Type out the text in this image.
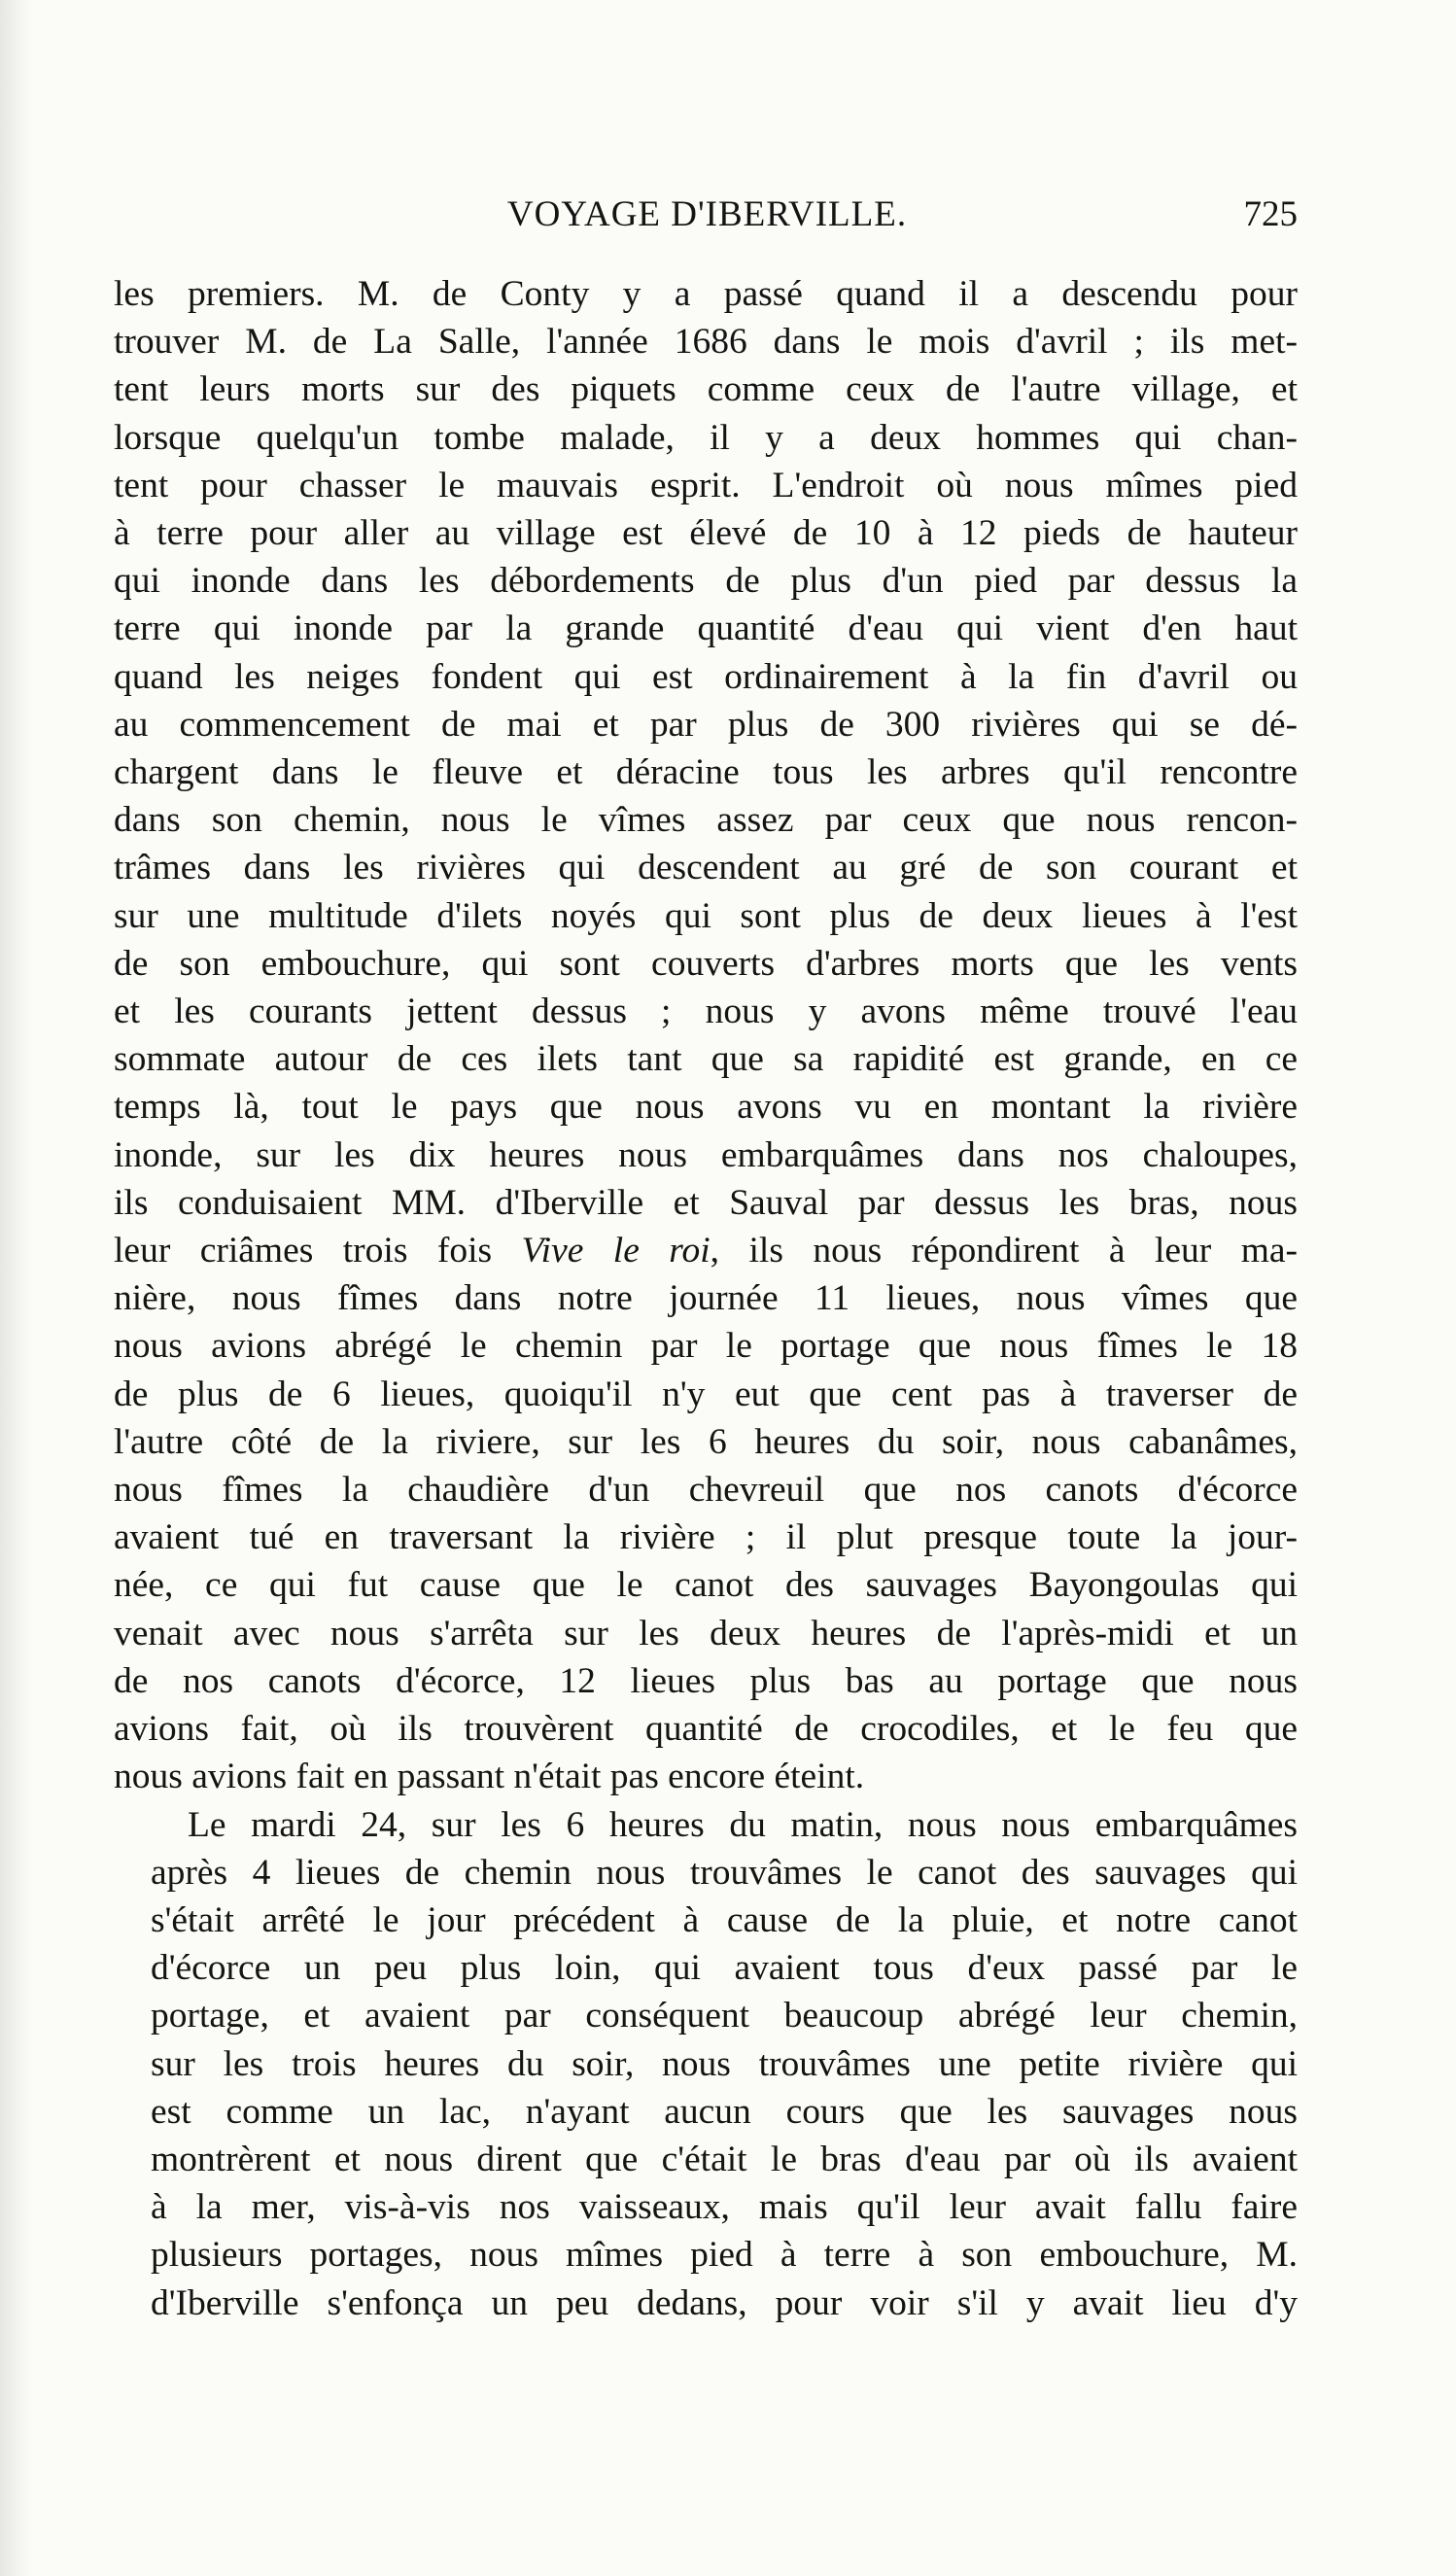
VOYAGE D'IBERVILLE.	725
les premiers. M. de Conty y a passé quand il a descendu pour
trouver M. de La Salle, l'année 1686 dans le mois d'avril ; ils met-
tent leurs morts sur des piquets comme ceux de l'autre village, et
lorsque quelqu'un tombe malade, il y a deux hommes qui chan-
tent pour chasser le mauvais esprit. L'endroit où nous mîmes pied
à terre pour aller au village est élevé de 10 à 12 pieds de hauteur
qui inonde dans les débordements de plus d'un pied par dessus la
terre qui inonde par la grande quantité d'eau qui vient d'en haut
quand les neiges fondent qui est ordinairement à la fin d'avril ou
au commencement de mai et par plus de 300 rivières qui se dé-
chargent dans le fleuve et déracine tous les arbres qu'il rencontre
dans son chemin, nous le vîmes assez par ceux que nous rencon-
trâmes dans les rivières qui descendent au gré de son courant et
sur une multitude d'ilets noyés qui sont plus de deux lieues à l'est
de son embouchure, qui sont couverts d'arbres morts que les vents
et les courants jettent dessus ; nous y avons même trouvé l'eau
sommate autour de ces ilets tant que sa rapidité est grande, en ce
temps là, tout le pays que nous avons vu en montant la rivière
inonde, sur les dix heures nous embarquâmes dans nos chaloupes,
ils conduisaient MM. d'Iberville et Sauval par dessus les bras, nous
leur criâmes trois fois Vive le roi, ils nous répondirent à leur ma-
nière, nous fîmes dans notre journée 11 lieues, nous vîmes que
nous avions abrégé le chemin par le portage que nous fîmes le 18
de plus de 6 lieues, quoiqu'il n'y eut que cent pas à traverser de
l'autre côté de la riviere, sur les 6 heures du soir, nous cabanâmes,
nous fîmes la chaudière d'un chevreuil que nos canots d'écorce
avaient tué en traversant la rivière ; il plut presque toute la jour-
née, ce qui fut cause que le canot des sauvages Bayongoulas qui
venait avec nous s'arrêta sur les deux heures de l'après-midi et un
de nos canots d'écorce, 12 lieues plus bas au portage que nous
avions fait, où ils trouvèrent quantité de crocodiles, et le feu que
nous avions fait en passant n'était pas encore éteint.
Le mardi 24, sur les 6 heures du matin, nous nous embarquâmes
après 4 lieues de chemin nous trouvâmes le canot des sauvages qui
s'était arrêté le jour précédent à cause de la pluie, et notre canot
d'écorce un peu plus loin, qui avaient tous d'eux passé par le
portage, et avaient par conséquent beaucoup abrégé leur chemin,
sur les trois heures du soir, nous trouvâmes une petite rivière qui
est comme un lac, n'ayant aucun cours que les sauvages nous
montrèrent et nous dirent que c'était le bras d'eau par où ils avaient
à la mer, vis-à-vis nos vaisseaux, mais qu'il leur avait fallu faire
plusieurs portages, nous mîmes pied à terre à son embouchure, M.
d'Iberville s'enfonça un peu dedans, pour voir s'il y avait lieu d'y
